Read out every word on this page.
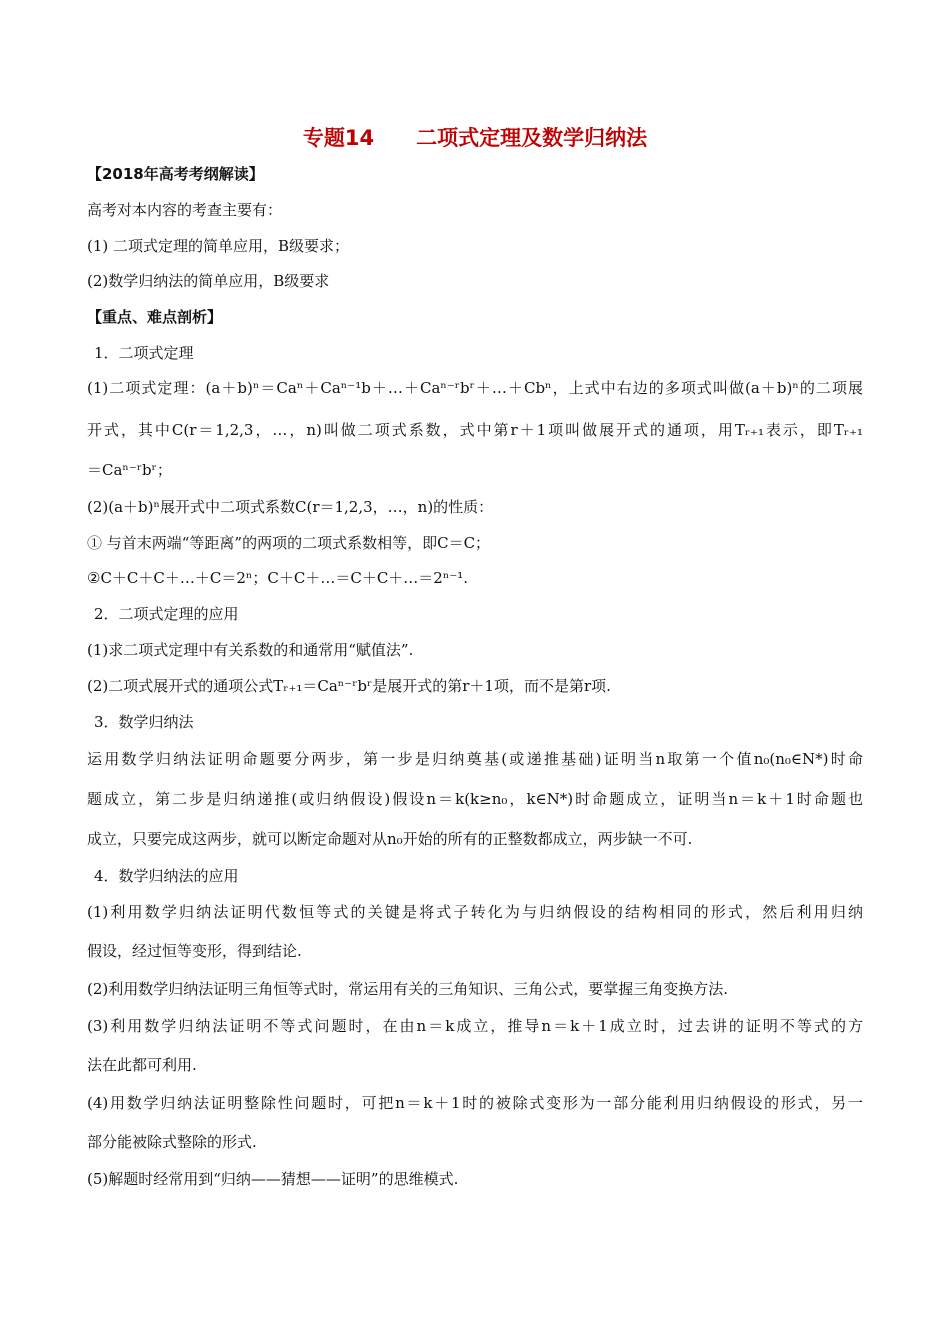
专题14　　二项式定理及数学归纳法
【2018年高考考纲解读】
高考对本内容的考查主要有：
(1) 二项式定理的简单应用，B级要求；
(2)数学归纳法的简单应用，B级要求
【重点、难点剖析】
1．二项式定理
(1)二项式定理：(a＋b)ⁿ＝Caⁿ＋Caⁿ⁻¹b＋…＋Caⁿ⁻ʳbʳ＋…＋Cbⁿ，上式中右边的多项式叫做(a＋b)ⁿ的二项展
开式，其中C(r＝1,2,3，…，n)叫做二项式系数，式中第r＋1项叫做展开式的通项，用Tᵣ₊₁表示，即Tᵣ₊₁
＝Caⁿ⁻ʳbʳ；
(2)(a＋b)ⁿ展开式中二项式系数C(r＝1,2,3，…，n)的性质：
① 与首末两端“等距离”的两项的二项式系数相等，即C＝C；
②C＋C＋C＋…＋C＝2ⁿ；C＋C＋…＝C＋C＋…＝2ⁿ⁻¹.
2．二项式定理的应用
(1)求二项式定理中有关系数的和通常用“赋值法”.
(2)二项式展开式的通项公式Tᵣ₊₁＝Caⁿ⁻ʳbʳ是展开式的第r＋1项，而不是第r项.
3．数学归纳法
运用数学归纳法证明命题要分两步，第一步是归纳奠基(或递推基础)证明当n取第一个值n₀(n₀∈N*)时命
题成立，第二步是归纳递推(或归纳假设)假设n＝k(k≥n₀，k∈N*)时命题成立，证明当n＝k＋1时命题也
成立，只要完成这两步，就可以断定命题对从n₀开始的所有的正整数都成立，两步缺一不可.
4．数学归纳法的应用
(1)利用数学归纳法证明代数恒等式的关键是将式子转化为与归纳假设的结构相同的形式，然后利用归纳
假设，经过恒等变形，得到结论.
(2)利用数学归纳法证明三角恒等式时，常运用有关的三角知识、三角公式，要掌握三角变换方法.
(3)利用数学归纳法证明不等式问题时，在由n＝k成立，推导n＝k＋1成立时，过去讲的证明不等式的方
法在此都可利用.
(4)用数学归纳法证明整除性问题时，可把n＝k＋1时的被除式变形为一部分能利用归纳假设的形式，另一
部分能被除式整除的形式.
(5)解题时经常用到“归纳——猜想——证明”的思维模式.
